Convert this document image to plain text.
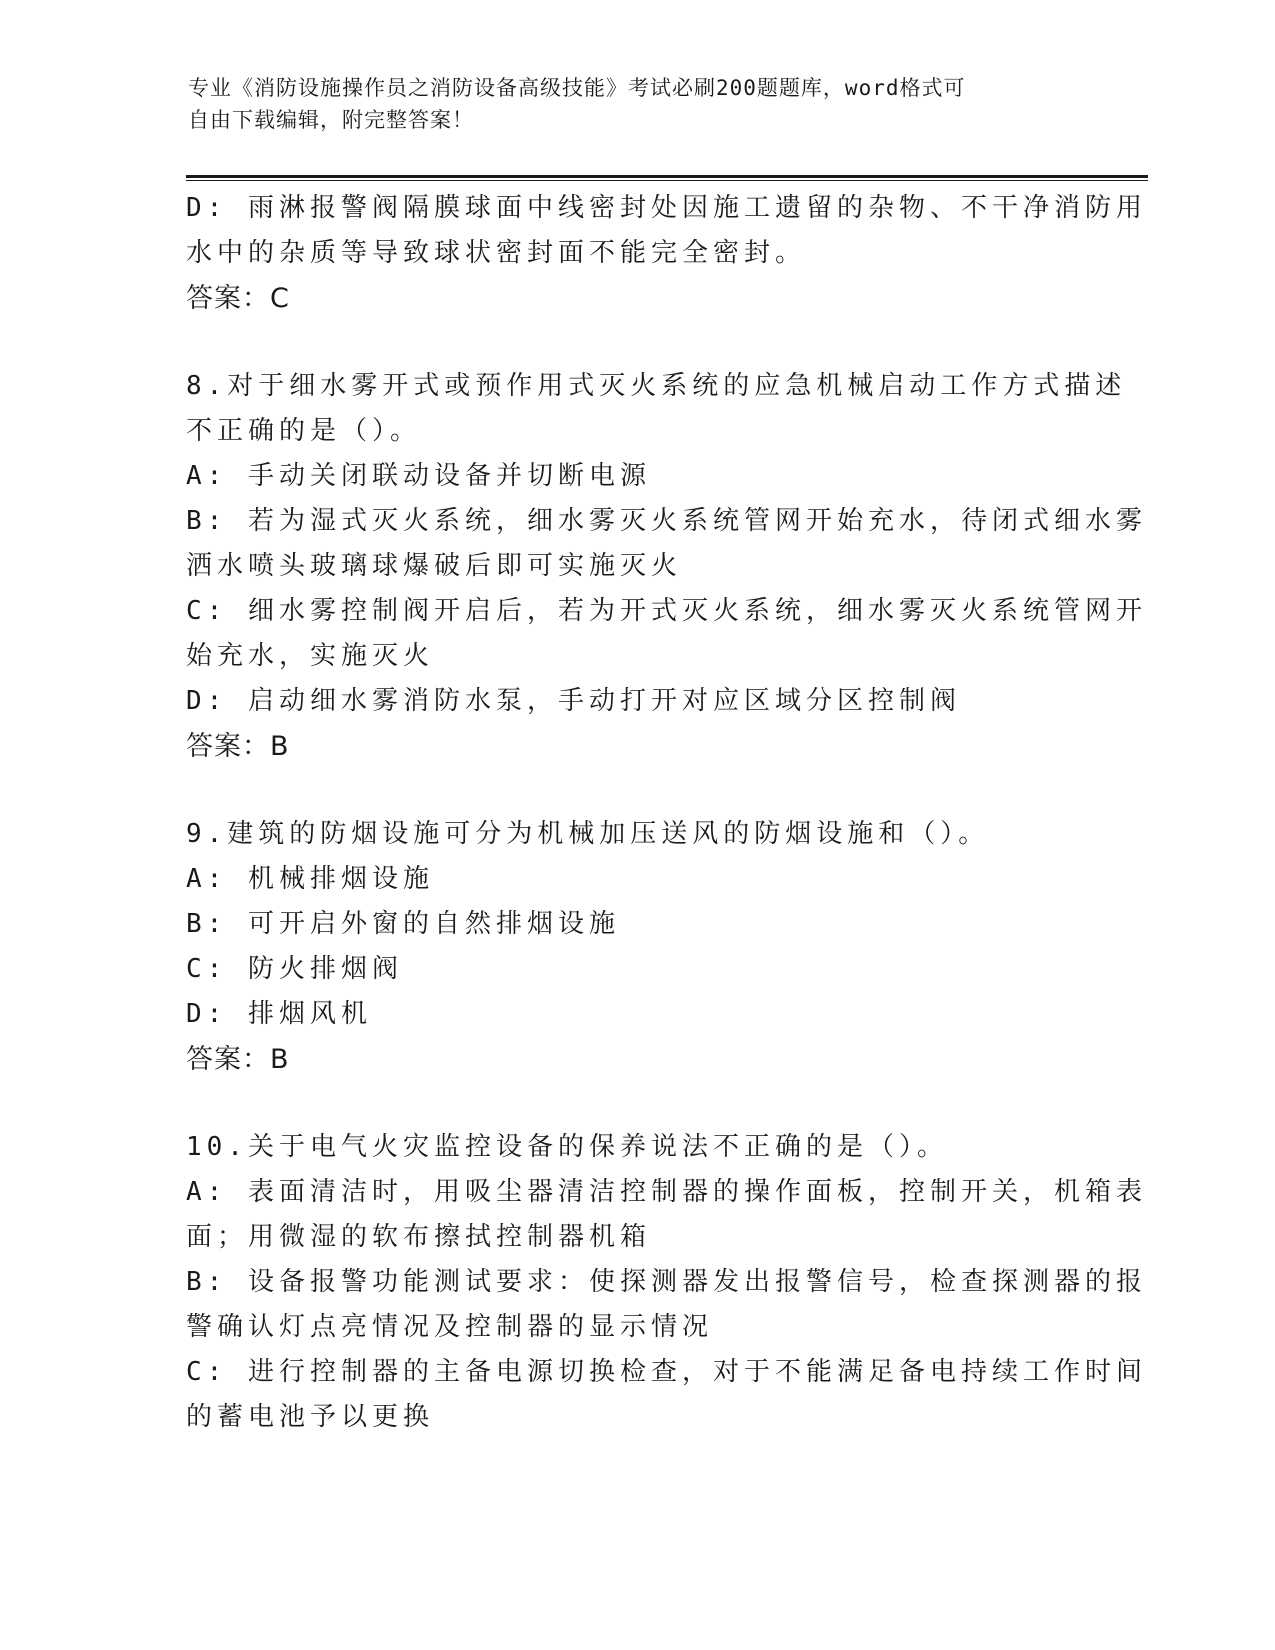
专业《消防设施操作员之消防设备高级技能》考试必刷200题题库，word格式可
自由下载编辑，附完整答案！
D: 雨淋报警阀隔膜球面中线密封处因施工遗留的杂物、不干净消防用
水中的杂质等导致球状密封面不能完全密封。
答案：C
8.对于细水雾开式或预作用式灭火系统的应急机械启动工作方式描述
不正确的是（）。
A: 手动关闭联动设备并切断电源
B: 若为湿式灭火系统，细水雾灭火系统管网开始充水，待闭式细水雾
洒水喷头玻璃球爆破后即可实施灭火
C: 细水雾控制阀开启后，若为开式灭火系统，细水雾灭火系统管网开
始充水，实施灭火
D: 启动细水雾消防水泵，手动打开对应区域分区控制阀
答案：B
9.建筑的防烟设施可分为机械加压送风的防烟设施和（）。
A: 机械排烟设施
B: 可开启外窗的自然排烟设施
C: 防火排烟阀
D: 排烟风机
答案：B
10.关于电气火灾监控设备的保养说法不正确的是（）。
A: 表面清洁时，用吸尘器清洁控制器的操作面板，控制开关，机箱表
面；用微湿的软布擦拭控制器机箱
B: 设备报警功能测试要求：使探测器发出报警信号，检查探测器的报
警确认灯点亮情况及控制器的显示情况
C: 进行控制器的主备电源切换检查，对于不能满足备电持续工作时间
的蓄电池予以更换
